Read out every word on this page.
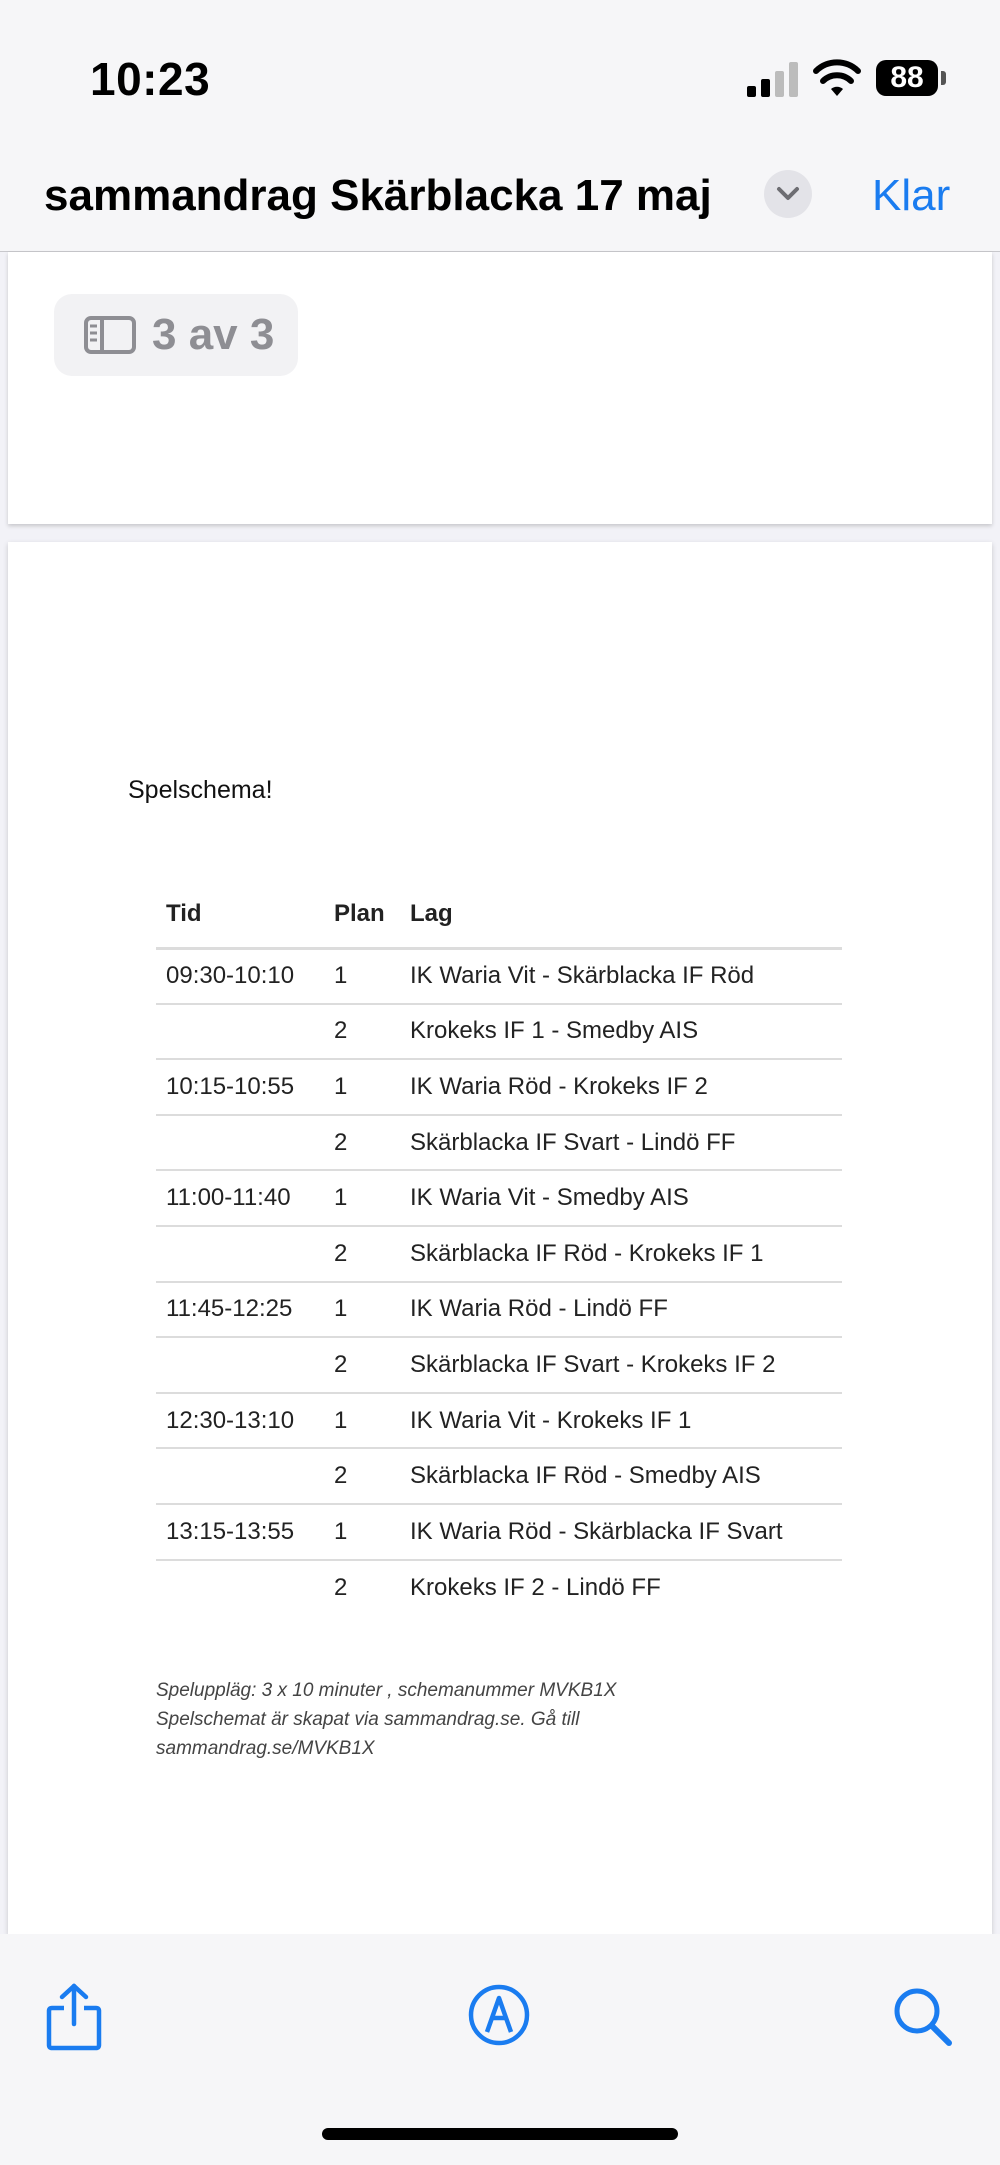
10:23	88
sammandrag Skärblacka 17 maj	Klar
3 av 3
Spelschema!
Tid	Plan	Lag
09:30-10:10	1	IK Waria Vit - Skärblacka IF Röd
	2	Krokeks IF 1 - Smedby AIS
10:15-10:55	1	IK Waria Röd - Krokeks IF 2
	2	Skärblacka IF Svart - Lindö FF
11:00-11:40	1	IK Waria Vit - Smedby AIS
	2	Skärblacka IF Röd - Krokeks IF 1
11:45-12:25	1	IK Waria Röd - Lindö FF
	2	Skärblacka IF Svart - Krokeks IF 2
12:30-13:10	1	IK Waria Vit - Krokeks IF 1
	2	Skärblacka IF Röd - Smedby AIS
13:15-13:55	1	IK Waria Röd - Skärblacka IF Svart
	2	Krokeks IF 2 - Lindö FF
Speluppläg: 3 x 10 minuter , schemanummer MVKB1X
Spelschemat är skapat via sammandrag.se. Gå till
sammandrag.se/MVKB1X
